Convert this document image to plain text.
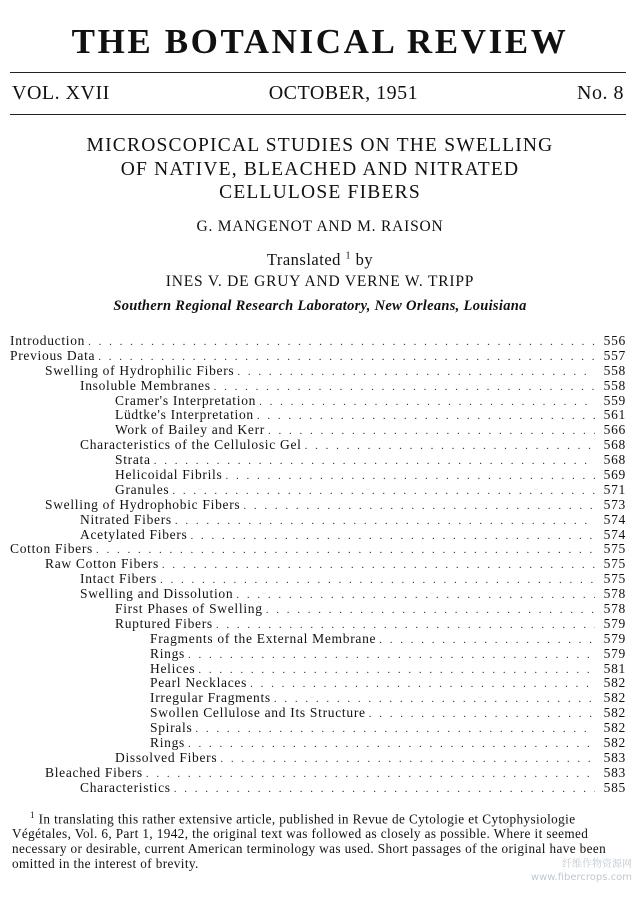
THE BOTANICAL REVIEW
VOL. XVII	OCTOBER, 1951	No. 8
MICROSCOPICAL STUDIES ON THE SWELLING
OF NATIVE, BLEACHED AND NITRATED
CELLULOSE FIBERS
G. MANGENOT AND M. RAISON
Translated $^1$ by
INES V. DE GRUY AND VERNE W. TRIPP
Southern Regional Research Laboratory, New Orleans, Louisiana
Introduction . . .	556
Previous Data . . .	557
Swelling of Hydrophilic Fibers . . .	558
Insoluble Membranes . . .	558
Cramer's Interpretation . . .	559
Lüdtke's Interpretation . . .	561
Work of Bailey and Kerr . . .	566
Characteristics of the Cellulosic Gel . . .	568
Strata . . .	568
Helicoidal Fibrils . . .	569
Granules . . .	571
Swelling of Hydrophobic Fibers . . .	573
Nitrated Fibers . . .	574
Acetylated Fibers . . .	574
Cotton Fibers . . .	575
Raw Cotton Fibers . . .	575
Intact Fibers . . .	575
Swelling and Dissolution . . .	578
First Phases of Swelling . . .	578
Ruptured Fibers . . .	579
Fragments of the External Membrane . . .	579
Rings . . .	579
Helices . . .	581
Pearl Necklaces . . .	582
Irregular Fragments . . .	582
Swollen Cellulose and Its Structure . . .	582
Spirals . . .	582
Rings . . .	582
Dissolved Fibers . . .	583
Bleached Fibers . . .	583
Characteristics . . .	585

$^1$ In translating this rather extensive article, published in Revue de Cytologie et Cytophysiologie Végétales, Vol. 6, Part 1, 1942, the original text was followed as closely as possible. Where it seemed necessary or desirable, current American terminology was used. Short passages of the original have been omitted in the interest of brevity.	纤维作物资源网
www.fibercrops.com
